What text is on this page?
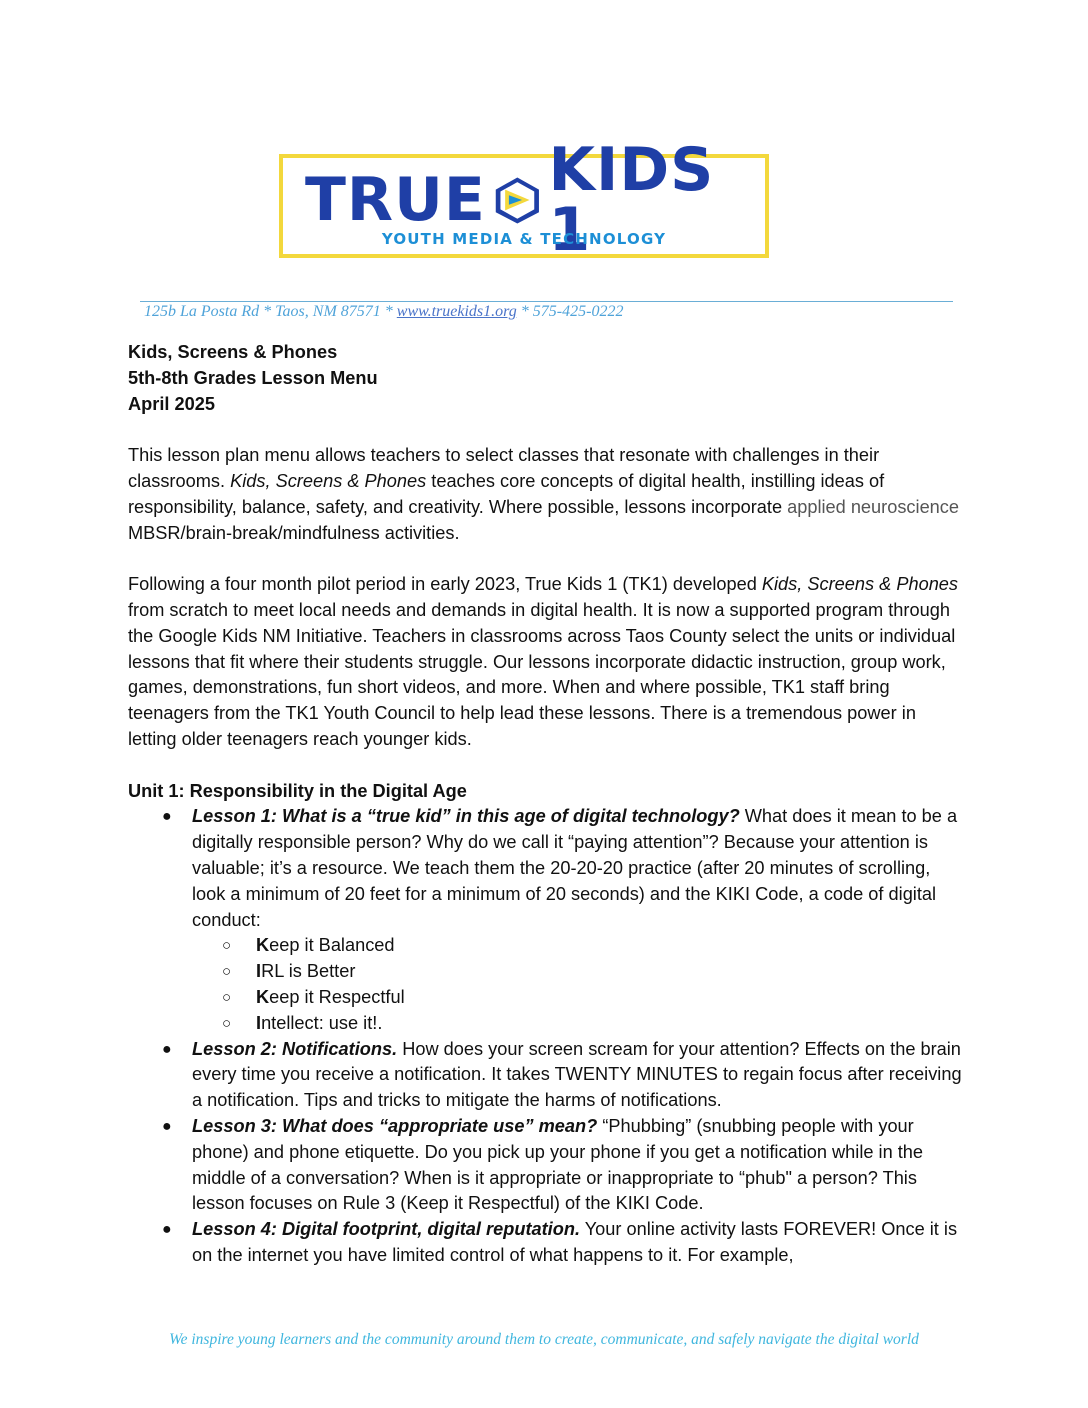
TRUE KIDS 1
YOUTH MEDIA & TECHNOLOGY
125b La Posta Rd * Taos, NM 87571 * www.truekids1.org * 575-425-0222

Kids, Screens & Phones

5th-8th Grades Lesson Menu

April 2025

This lesson plan menu allows teachers to select classes that resonate with challenges in their classrooms. Kids, Screens & Phones teaches core concepts of digital health, instilling ideas of responsibility, balance, safety, and creativity. Where possible, lessons incorporate applied neuroscience MBSR/brain-break/mindfulness activities.

Following a four month pilot period in early 2023, True Kids 1 (TK1) developed Kids, Screens & Phones from scratch to meet local needs and demands in digital health. It is now a supported program through the Google Kids NM Initiative. Teachers in classrooms across Taos County select the units or individual lessons that fit where their students struggle. Our lessons incorporate didactic instruction, group work, games, demonstrations, fun short videos, and more. When and where possible, TK1 staff bring teenagers from the TK1 Youth Council to help lead these lessons. There is a tremendous power in letting older teenagers reach younger kids.

Unit 1: Responsibility in the Digital Age

● Lesson 1: What is a “true kid” in this age of digital technology? What does it mean to be a digitally responsible person? Why do we call it “paying attention”? Because your attention is valuable; it’s a resource. We teach them the 20-20-20 practice (after 20 minutes of scrolling, look a minimum of 20 feet for a minimum of 20 seconds) and the KIKI Code, a code of digital conduct:
○ Keep it Balanced
○ IRL is Better
○ Keep it Respectful
○ Intellect: use it!.
● Lesson 2: Notifications. How does your screen scream for your attention? Effects on the brain every time you receive a notification. It takes TWENTY MINUTES to regain focus after receiving a notification. Tips and tricks to mitigate the harms of notifications.
● Lesson 3: What does “appropriate use” mean? “Phubbing” (snubbing people with your phone) and phone etiquette. Do you pick up your phone if you get a notification while in the middle of a conversation? When is it appropriate or inappropriate to “phub" a person? This lesson focuses on Rule 3 (Keep it Respectful) of the KIKI Code.
● Lesson 4: Digital footprint, digital reputation. Your online activity lasts FOREVER! Once it is on the internet you have limited control of what happens to it. For example,
We inspire young learners and the community around them to create, communicate, and safely navigate the digital world
